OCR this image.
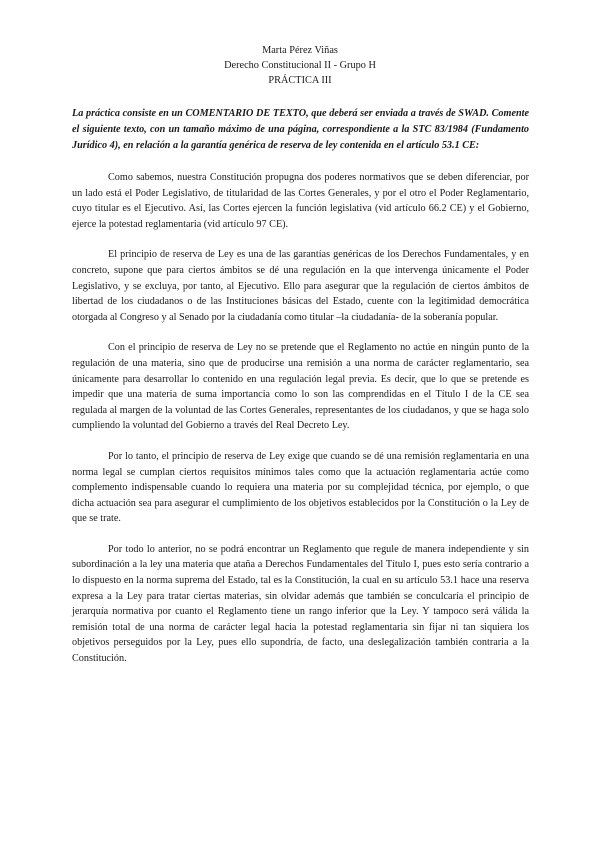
Marta Pérez Viñas
Derecho Constitucional II - Grupo H
PRÁCTICA III

La práctica consiste en un COMENTARIO DE TEXTO, que deberá ser enviada a través de SWAD. Comente el siguiente texto, con un tamaño máximo de una página, correspondiente a la STC 83/1984 (Fundamento Jurídico 4), en relación a la garantía genérica de reserva de ley contenida en el artículo 53.1 CE:

Como sabemos, nuestra Constitución propugna dos poderes normativos que se deben diferenciar, por un lado está el Poder Legislativo, de titularidad de las Cortes Generales, y por el otro el Poder Reglamentario, cuyo titular es el Ejecutivo. Así, las Cortes ejercen la función legislativa (vid artículo 66.2 CE) y el Gobierno, ejerce la potestad reglamentaria (vid artículo 97 CE).

El principio de reserva de Ley es una de las garantías genéricas de los Derechos Fundamentales, y en concreto, supone que para ciertos ámbitos se dé una regulación en la que intervenga únicamente el Poder Legislativo, y se excluya, por tanto, al Ejecutivo. Ello para asegurar que la regulación de ciertos ámbitos de libertad de los ciudadanos o de las Instituciones básicas del Estado, cuente con la legitimidad democrática otorgada al Congreso y al Senado por la ciudadanía como titular –la ciudadanía- de la soberanía popular.

Con el principio de reserva de Ley no se pretende que el Reglamento no actúe en ningún punto de la regulación de una materia, sino que de producirse una remisión a una norma de carácter reglamentario, sea únicamente para desarrollar lo contenido en una regulación legal previa. Es decir, que lo que se pretende es impedir que una materia de suma importancia como lo son las comprendidas en el Título I de la CE sea regulada al margen de la voluntad de las Cortes Generales, representantes de los ciudadanos, y que se haga solo cumpliendo la voluntad del Gobierno a través del Real Decreto Ley.

Por lo tanto, el principio de reserva de Ley exige que cuando se dé una remisión reglamentaria en una norma legal se cumplan ciertos requisitos mínimos tales como que la actuación reglamentaria actúe como complemento indispensable cuando lo requiera una materia por su complejidad técnica, por ejemplo, o que dicha actuación sea para asegurar el cumplimiento de los objetivos establecidos por la Constitución o la Ley de que se trate.

Por todo lo anterior, no se podrá encontrar un Reglamento que regule de manera independiente y sin subordinación a la ley una materia que ataña a Derechos Fundamentales del Título I, pues esto sería contrario a lo dispuesto en la norma suprema del Estado, tal es la Constitución, la cual en su artículo 53.1 hace una reserva expresa a la Ley para tratar ciertas materias, sin olvidar además que también se conculcaría el principio de jerarquía normativa por cuanto el Reglamento tiene un rango inferior que la Ley. Y tampoco será válida la remisión total de una norma de carácter legal hacia la potestad reglamentaria sin fijar ni tan siquiera los objetivos perseguidos por la Ley, pues ello supondría, de facto, una deslegalización también contraria a la Constitución.
